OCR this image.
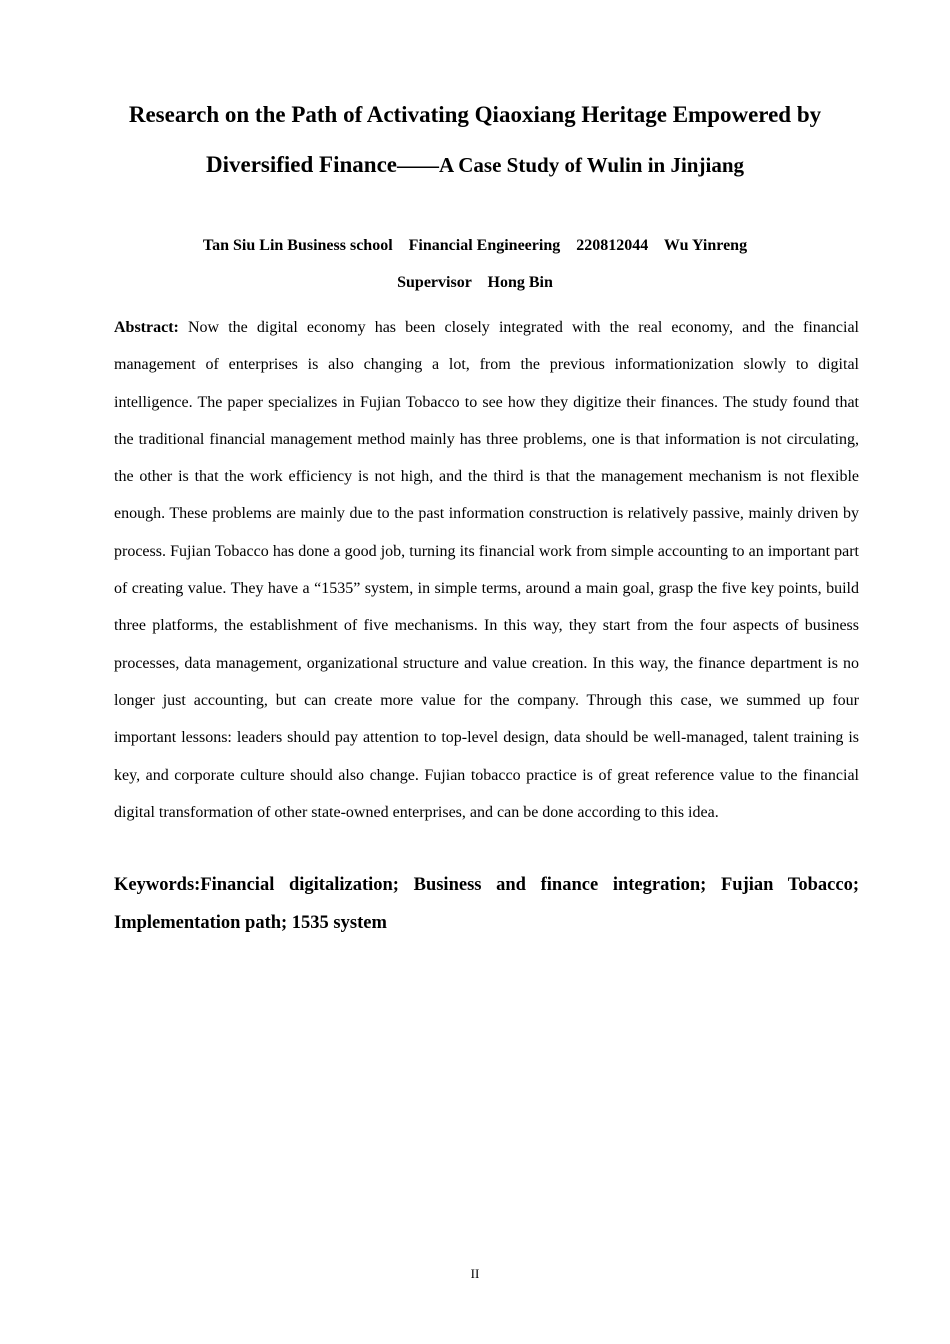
Research on the Path of Activating Qiaoxiang Heritage Empowered by
Diversified Finance——A Case Study of Wulin in Jinjiang
Tan Siu Lin Business school    Financial Engineering    220812044    Wu Yinreng
Supervisor    Hong Bin

Abstract: Now the digital economy has been closely integrated with the real economy, and the financial management of enterprises is also changing a lot, from the previous informationization slowly to digital intelligence. The paper specializes in Fujian Tobacco to see how they digitize their finances. The study found that the traditional financial management method mainly has three problems, one is that information is not circulating, the other is that the work efficiency is not high, and the third is that the management mechanism is not flexible enough. These problems are mainly due to the past information construction is relatively passive, mainly driven by process. Fujian Tobacco has done a good job, turning its financial work from simple accounting to an important part of creating value. They have a “1535” system, in simple terms, around a main goal, grasp the five key points, build three platforms, the establishment of five mechanisms. In this way, they start from the four aspects of business processes, data management, organizational structure and value creation. In this way, the finance department is no longer just accounting, but can create more value for the company. Through this case, we summed up four important lessons: leaders should pay attention to top-level design, data should be well-managed, talent training is key, and corporate culture should also change. Fujian tobacco practice is of great reference value to the financial digital transformation of other state-owned enterprises, and can be done according to this idea.

Keywords:Financial digitalization; Business and finance integration; Fujian Tobacco; Implementation path; 1535 system

II
